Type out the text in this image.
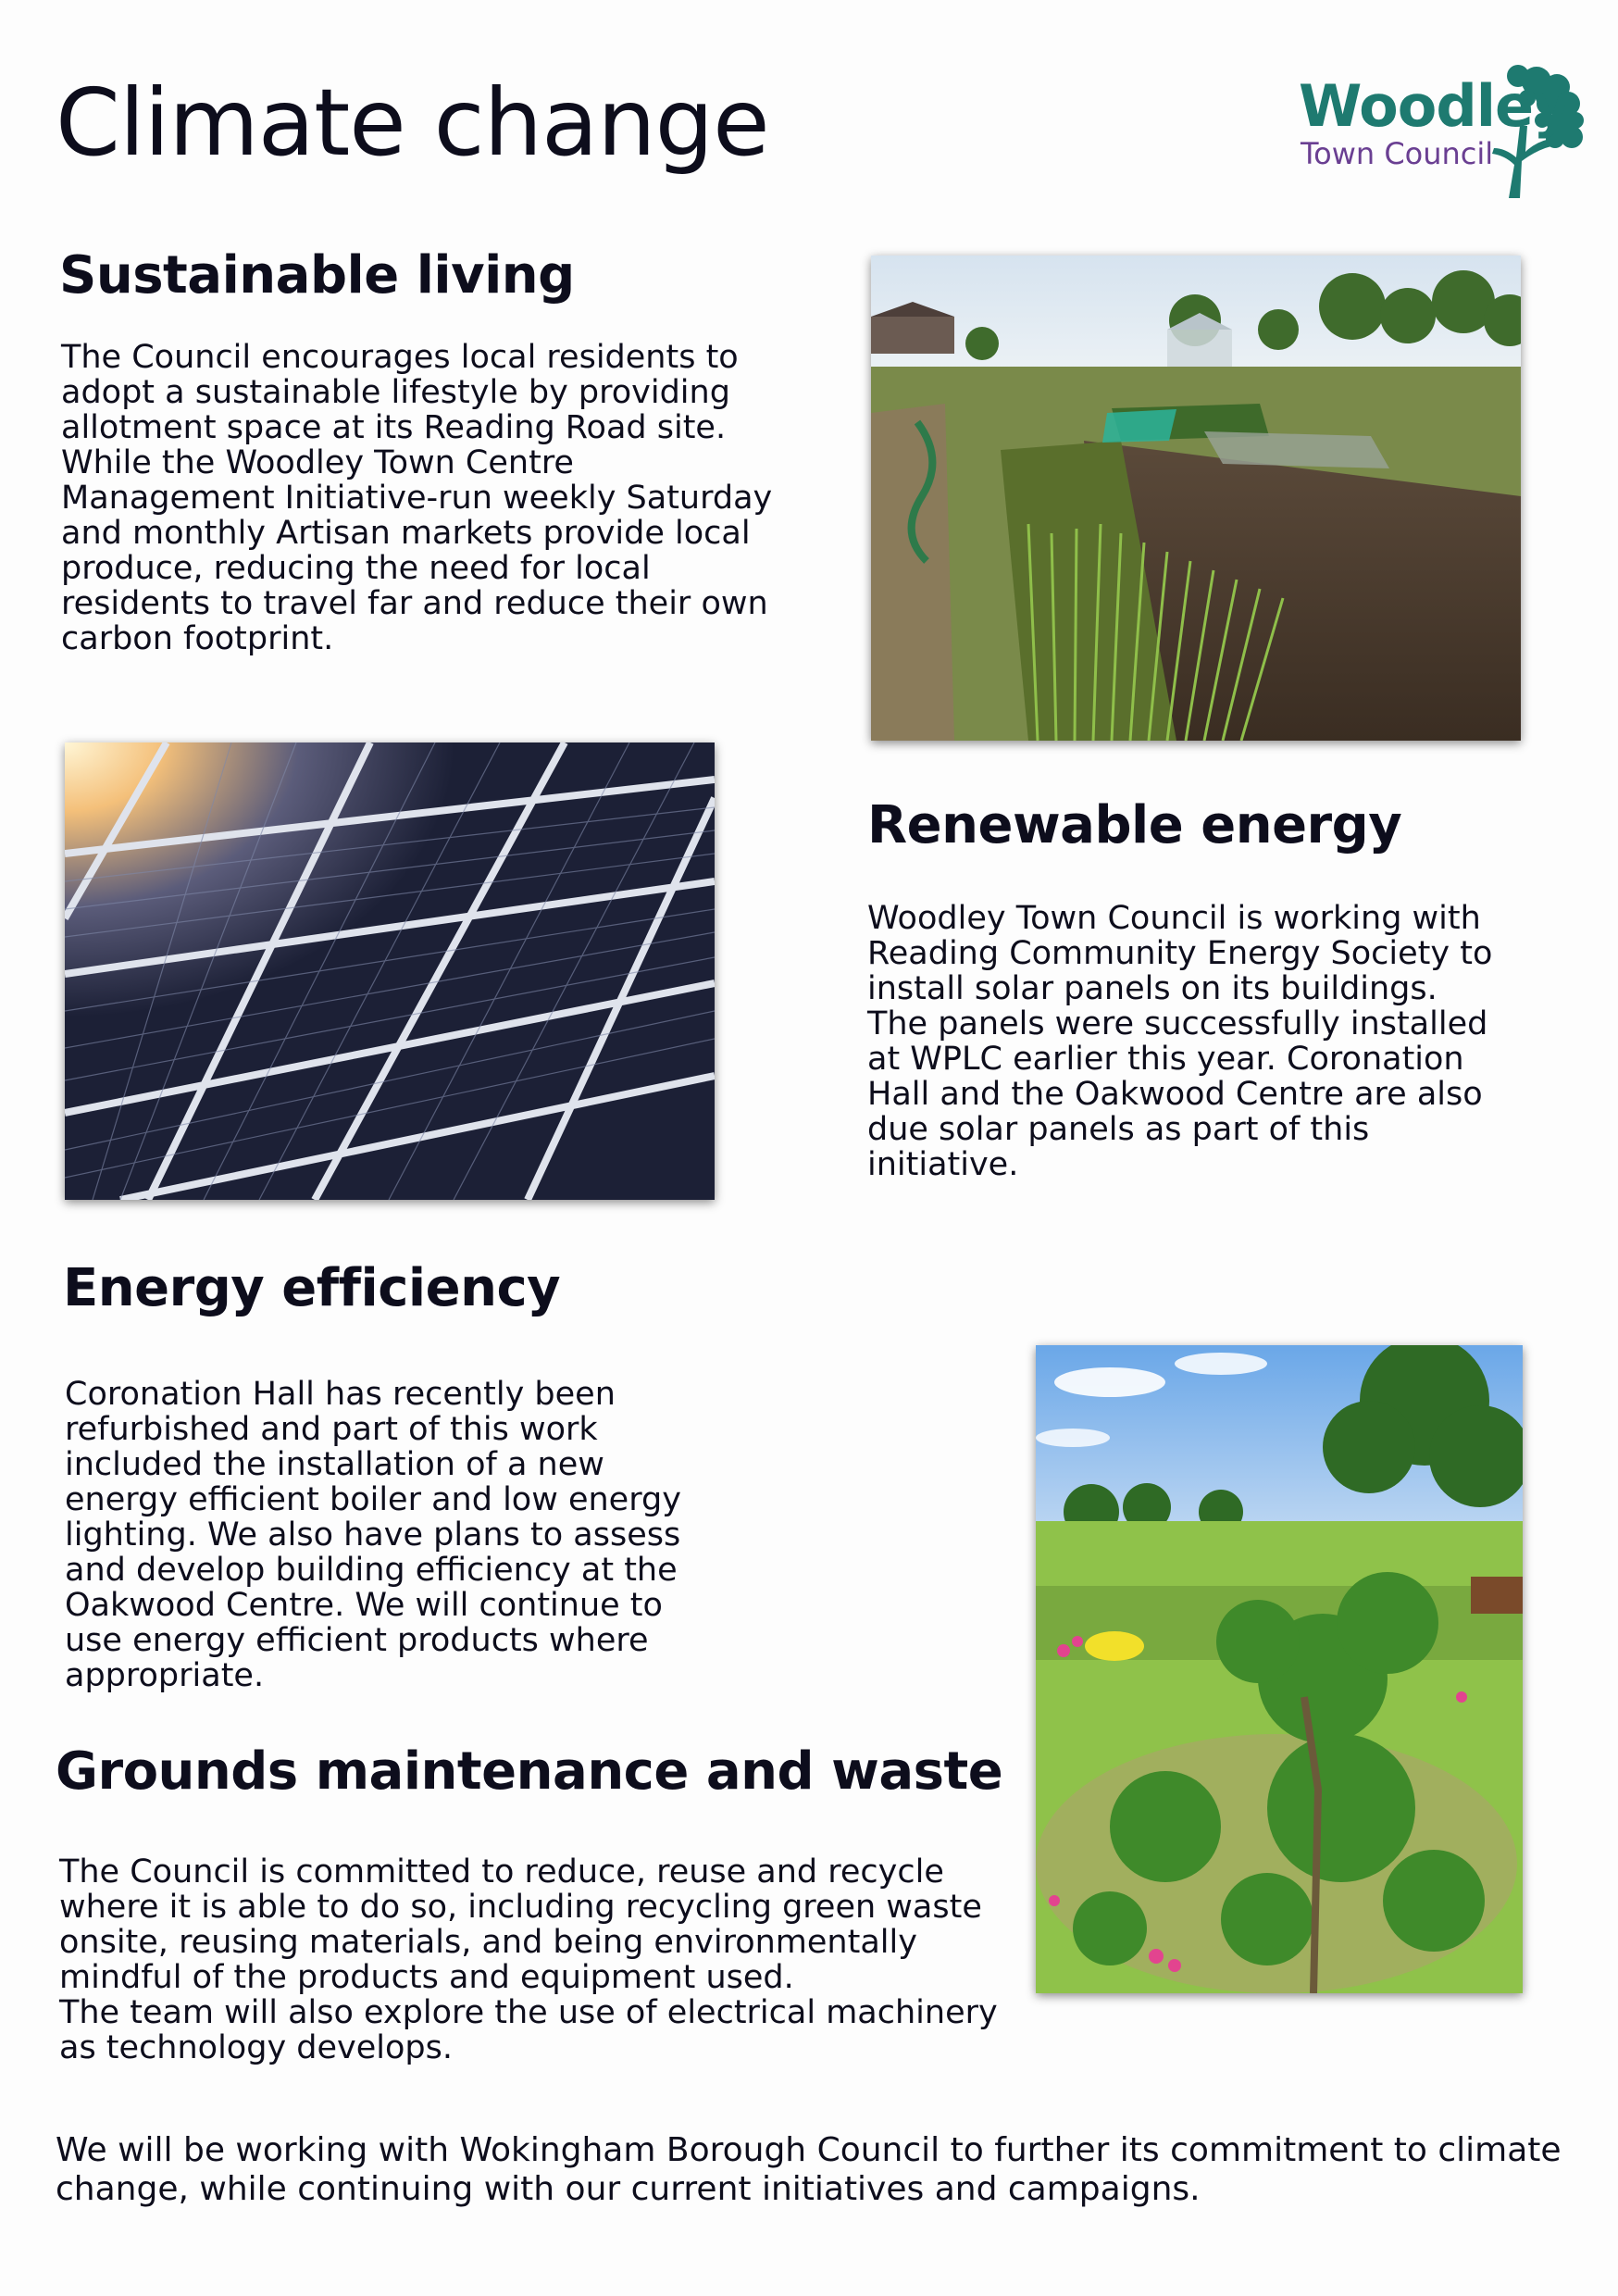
Climate change	Woodley
Town Council
Sustainable living

The Council encourages local residents to
adopt a sustainable lifestyle by providing
allotment space at its Reading Road site.
While the Woodley Town Centre
Management Initiative-run weekly Saturday
and monthly Artisan markets provide local
produce, reducing the need for local
residents to travel far and reduce their own
carbon footprint.

Renewable energy

Woodley Town Council is working with
Reading Community Energy Society to
install solar panels on its buildings.
The panels were successfully installed
at WPLC earlier this year. Coronation
Hall and the Oakwood Centre are also
due solar panels as part of this
initiative.

Energy efficiency

Coronation Hall has recently been
refurbished and part of this work
included the installation of a new
energy efficient boiler and low energy
lighting. We also have plans to assess
and develop building efficiency at the
Oakwood Centre. We will continue to
use energy efficient products where
appropriate.

Grounds maintenance and waste

The Council is committed to reduce, reuse and recycle
where it is able to do so, including recycling green waste
onsite, reusing materials, and being environmentally
mindful of the products and equipment used.
The team will also explore the use of electrical machinery
as technology develops.

We will be working with Wokingham Borough Council to further its commitment to climate
change, while continuing with our current initiatives and campaigns.
